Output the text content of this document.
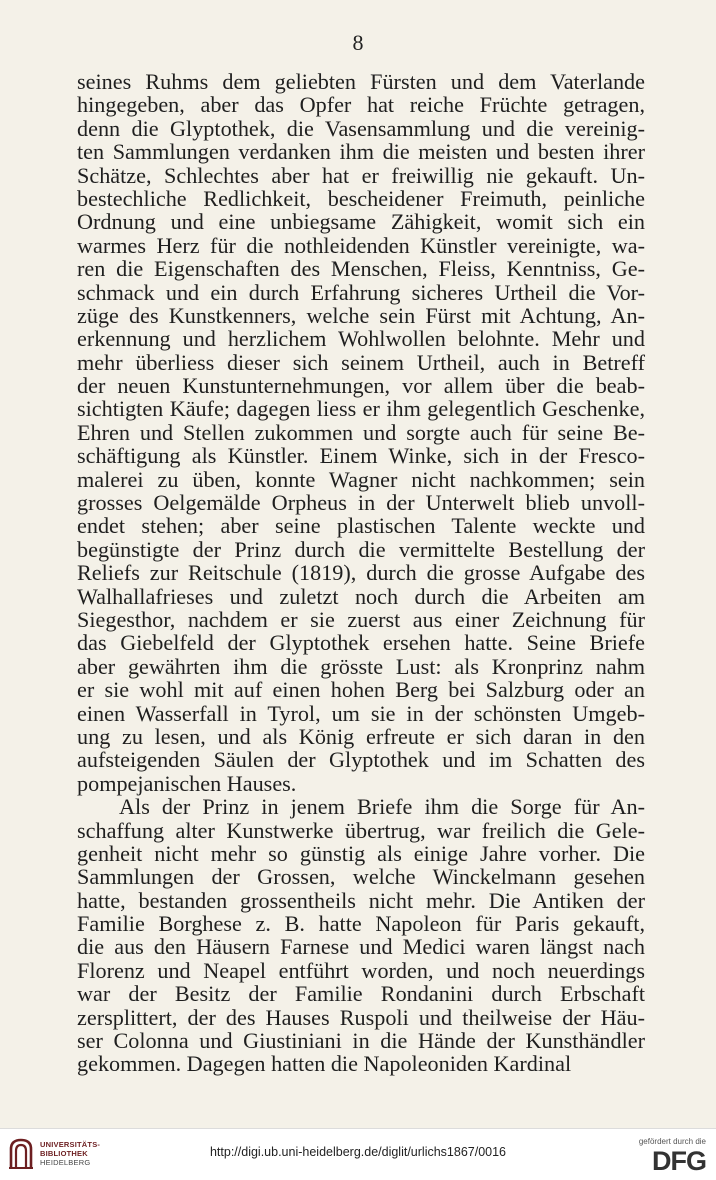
8
seines Ruhms dem geliebten Fürsten und dem Vaterlande
hingegeben, aber das Opfer hat reiche Früchte getragen,
denn die Glyptothek, die Vasensammlung und die vereinig-
ten Sammlungen verdanken ihm die meisten und besten ihrer
Schätze, Schlechtes aber hat er freiwillig nie gekauft. Un-
bestechliche Redlichkeit, bescheidener Freimuth, peinliche
Ordnung und eine unbiegsame Zähigkeit, womit sich ein
warmes Herz für die nothleidenden Künstler vereinigte, wa-
ren die Eigenschaften des Menschen, Fleiss, Kenntniss, Ge-
schmack und ein durch Erfahrung sicheres Urtheil die Vor-
züge des Kunstkenners, welche sein Fürst mit Achtung, An-
erkennung und herzlichem Wohlwollen belohnte. Mehr und
mehr überliess dieser sich seinem Urtheil, auch in Betreff
der neuen Kunstunternehmungen, vor allem über die beab-
sichtigten Käufe; dagegen liess er ihm gelegentlich Geschenke,
Ehren und Stellen zukommen und sorgte auch für seine Be-
schäftigung als Künstler. Einem Winke, sich in der Fresco-
malerei zu üben, konnte Wagner nicht nachkommen; sein
grosses Oelgemälde Orpheus in der Unterwelt blieb unvoll-
endet stehen; aber seine plastischen Talente weckte und
begünstigte der Prinz durch die vermittelte Bestellung der
Reliefs zur Reitschule (1819), durch die grosse Aufgabe des
Walhallafrieses und zuletzt noch durch die Arbeiten am
Siegesthor, nachdem er sie zuerst aus einer Zeichnung für
das Giebelfeld der Glyptothek ersehen hatte. Seine Briefe
aber gewährten ihm die grösste Lust: als Kronprinz nahm
er sie wohl mit auf einen hohen Berg bei Salzburg oder an
einen Wasserfall in Tyrol, um sie in der schönsten Umgeb-
ung zu lesen, und als König erfreute er sich daran in den
aufsteigenden Säulen der Glyptothek und im Schatten des
pompejanischen Hauses.
Als der Prinz in jenem Briefe ihm die Sorge für An-
schaffung alter Kunstwerke übertrug, war freilich die Gele-
genheit nicht mehr so günstig als einige Jahre vorher. Die
Sammlungen der Grossen, welche Winckelmann gesehen
hatte, bestanden grossentheils nicht mehr. Die Antiken der
Familie Borghese z. B. hatte Napoleon für Paris gekauft,
die aus den Häusern Farnese und Medici waren längst nach
Florenz und Neapel entführt worden, und noch neuerdings
war der Besitz der Familie Rondanini durch Erbschaft
zersplittert, der des Hauses Ruspoli und theilweise der Häu-
ser Colonna und Giustiniani in die Hände der Kunsthändler
gekommen. Dagegen hatten die Napoleoniden Kardinal
UNIVERSITÄTS-
BIBLIOTHEK
HEIDELBERG
http://digi.ub.uni-heidelberg.de/diglit/urlichs1867/0016
gefördert durch die
DFG
